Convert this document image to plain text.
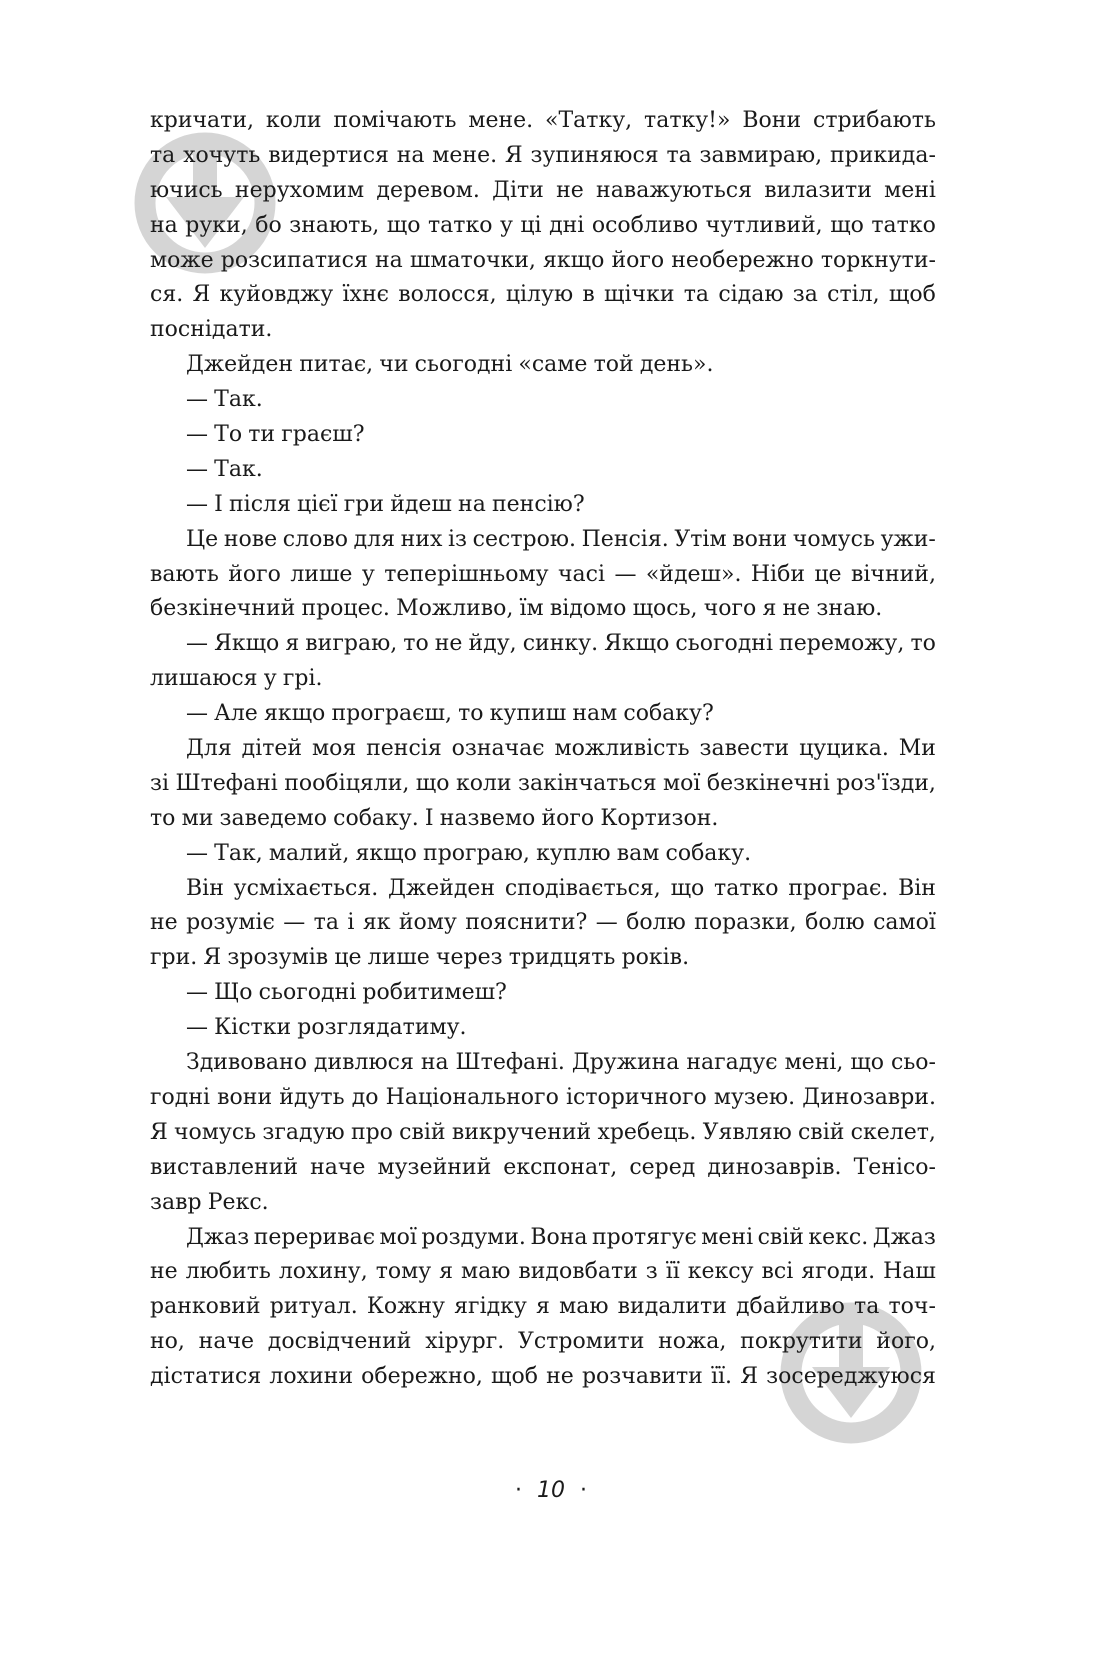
кричати, коли помічають мене. «Татку, татку!» Вони стрибають
та хочуть видертися на мене. Я зупиняюся та завмираю, прикида-
ючись нерухомим деревом. Діти не наважуються вилазити мені
на руки, бо знають, що татко у ці дні особливо чутливий, що татко
може розсипатися на шматочки, якщо його необережно торкнути-
ся. Я куйовджу їхнє волосся, цілую в щічки та сідаю за стіл, щоб
поснідати.
Джейден питає, чи сьогодні «саме той день».
— Так.
— То ти граєш?
— Так.
— І після цієї гри йдеш на пенсію?
Це нове слово для них із сестрою. Пенсія. Утім вони чомусь ужи-
вають його лише у теперішньому часі — «йдеш». Ніби це вічний,
безкінечний процес. Можливо, їм відомо щось, чого я не знаю.
— Якщо я виграю, то не йду, синку. Якщо сьогодні переможу, то
лишаюся у грі.
— Але якщо програєш, то купиш нам собаку?
Для дітей моя пенсія означає можливість завести цуцика. Ми
зі Штефані пообіцяли, що коли закінчаться мої безкінечні роз'їзди,
то ми заведемо собаку. І назвемо його Кортизон.
— Так, малий, якщо програю, куплю вам собаку.
Він усміхається. Джейден сподівається, що татко програє. Він
не розуміє — та і як йому пояснити? — болю поразки, болю самої
гри. Я зрозумів це лише через тридцять років.
— Що сьогодні робитимеш?
— Кістки розглядатиму.
Здивовано дивлюся на Штефані. Дружина нагадує мені, що сьо-
годні вони йдуть до Національного історичного музею. Динозаври.
Я чомусь згадую про свій викручений хребець. Уявляю свій скелет,
виставлений наче музейний експонат, серед динозаврів. Тенісо-
завр Рекс.
Джаз перериває мої роздуми. Вона протягує мені свій кекс. Джаз
не любить лохину, тому я маю видовбати з її кексу всі ягоди. Наш
ранковий ритуал. Кожну ягідку я маю видалити дбайливо та точ-
но, наче досвідчений хірург. Устромити ножа, покрутити його,
дістатися лохини обережно, щоб не розчавити її. Я зосереджуюся
· 10 ·
